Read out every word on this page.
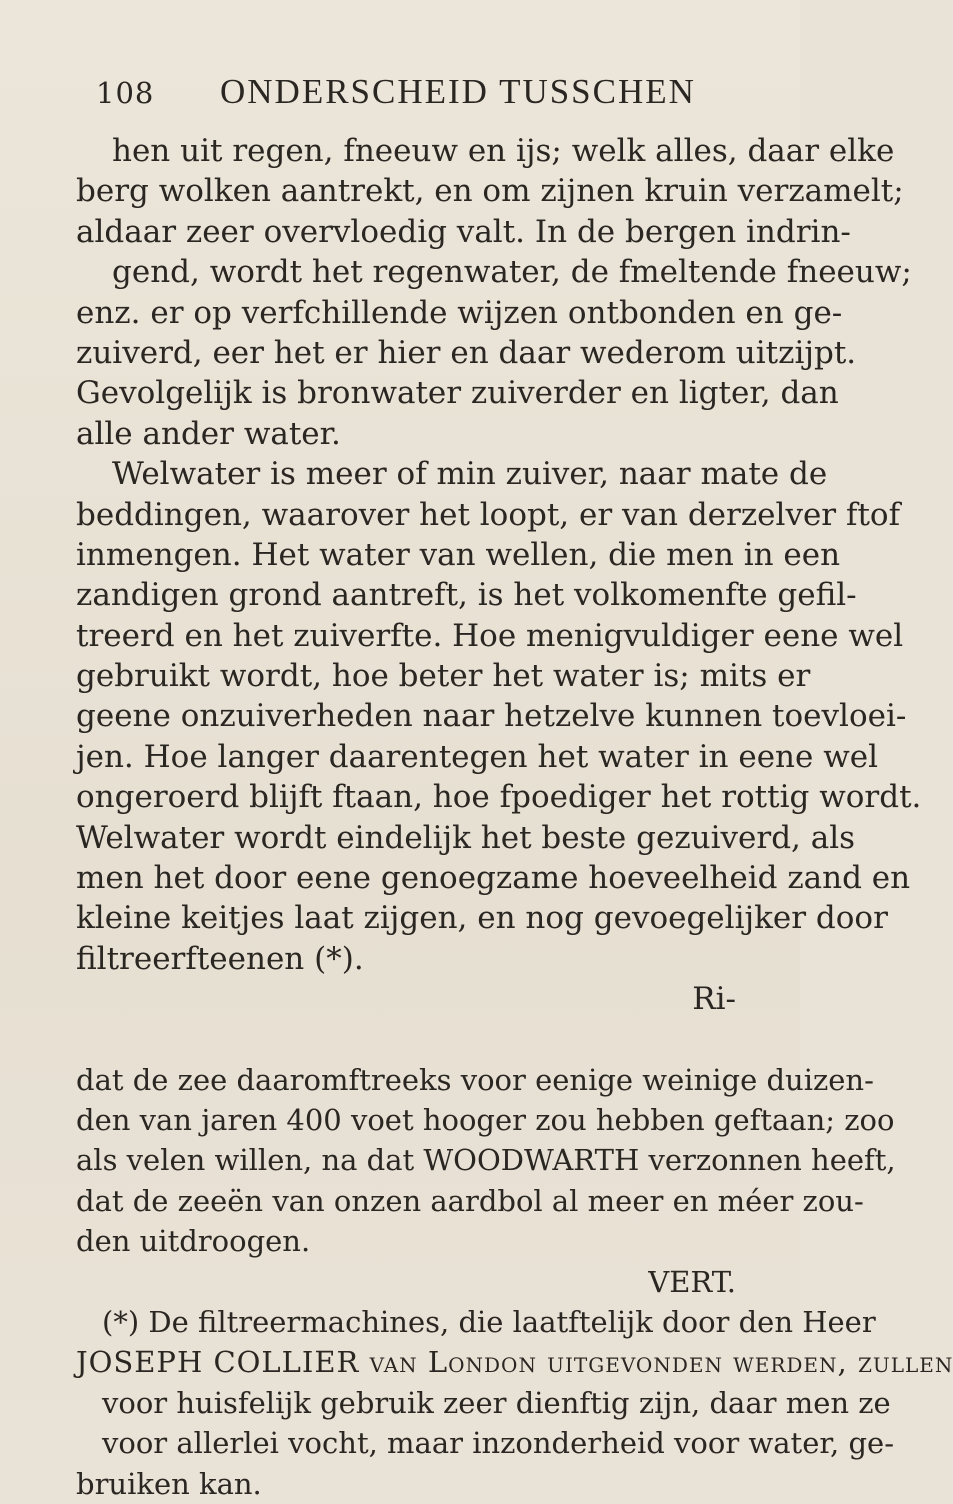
108	ONDERSCHEID TUSSCHEN
hen uit regen, fneeuw en ijs; welk alles, daar elke
berg wolken aantrekt, en om zijnen kruin verzamelt;
aldaar zeer overvloedig valt. In de bergen indrin-
gend, wordt het regenwater, de fmeltende fneeuw;
enz. er op verfchillende wijzen ontbonden en ge-
zuiverd, eer het er hier en daar wederom uitzijpt.
Gevolgelijk is bronwater zuiverder en ligter, dan
alle ander water.
Welwater is meer of min zuiver, naar mate de
beddingen, waarover het loopt, er van derzelver ftof
inmengen. Het water van wellen, die men in een
zandigen grond aantreft, is het volkomenfte gefil-
treerd en het zuiverfte. Hoe menigvuldiger eene wel
gebruikt wordt, hoe beter het water is; mits er
geene onzuiverheden naar hetzelve kunnen toevloei-
jen. Hoe langer daarentegen het water in eene wel
ongeroerd blijft ftaan, hoe fpoediger het rottig wordt.
Welwater wordt eindelijk het beste gezuiverd, als
men het door eene genoegzame hoeveelheid zand en
kleine keitjes laat zijgen, en nog gevoegelijker door
filtreerfteenen (*).
Ri-
dat de zee daaromftreeks voor eenige weinige duizen-
den van jaren 400 voet hooger zou hebben geftaan; zoo
als velen willen, na dat WOODWARTH verzonnen heeft,
dat de zeeën van onzen aardbol al meer en méer zou-
den uitdroogen.
VERT.
(*) De filtreermachines, die laatftelijk door den Heer
JOSEPH COLLIER van London uitgevonden werden, zullen
voor huisfelijk gebruik zeer dienftig zijn, daar men ze
voor allerlei vocht, maar inzonderheid voor water, ge-
bruiken kan.
